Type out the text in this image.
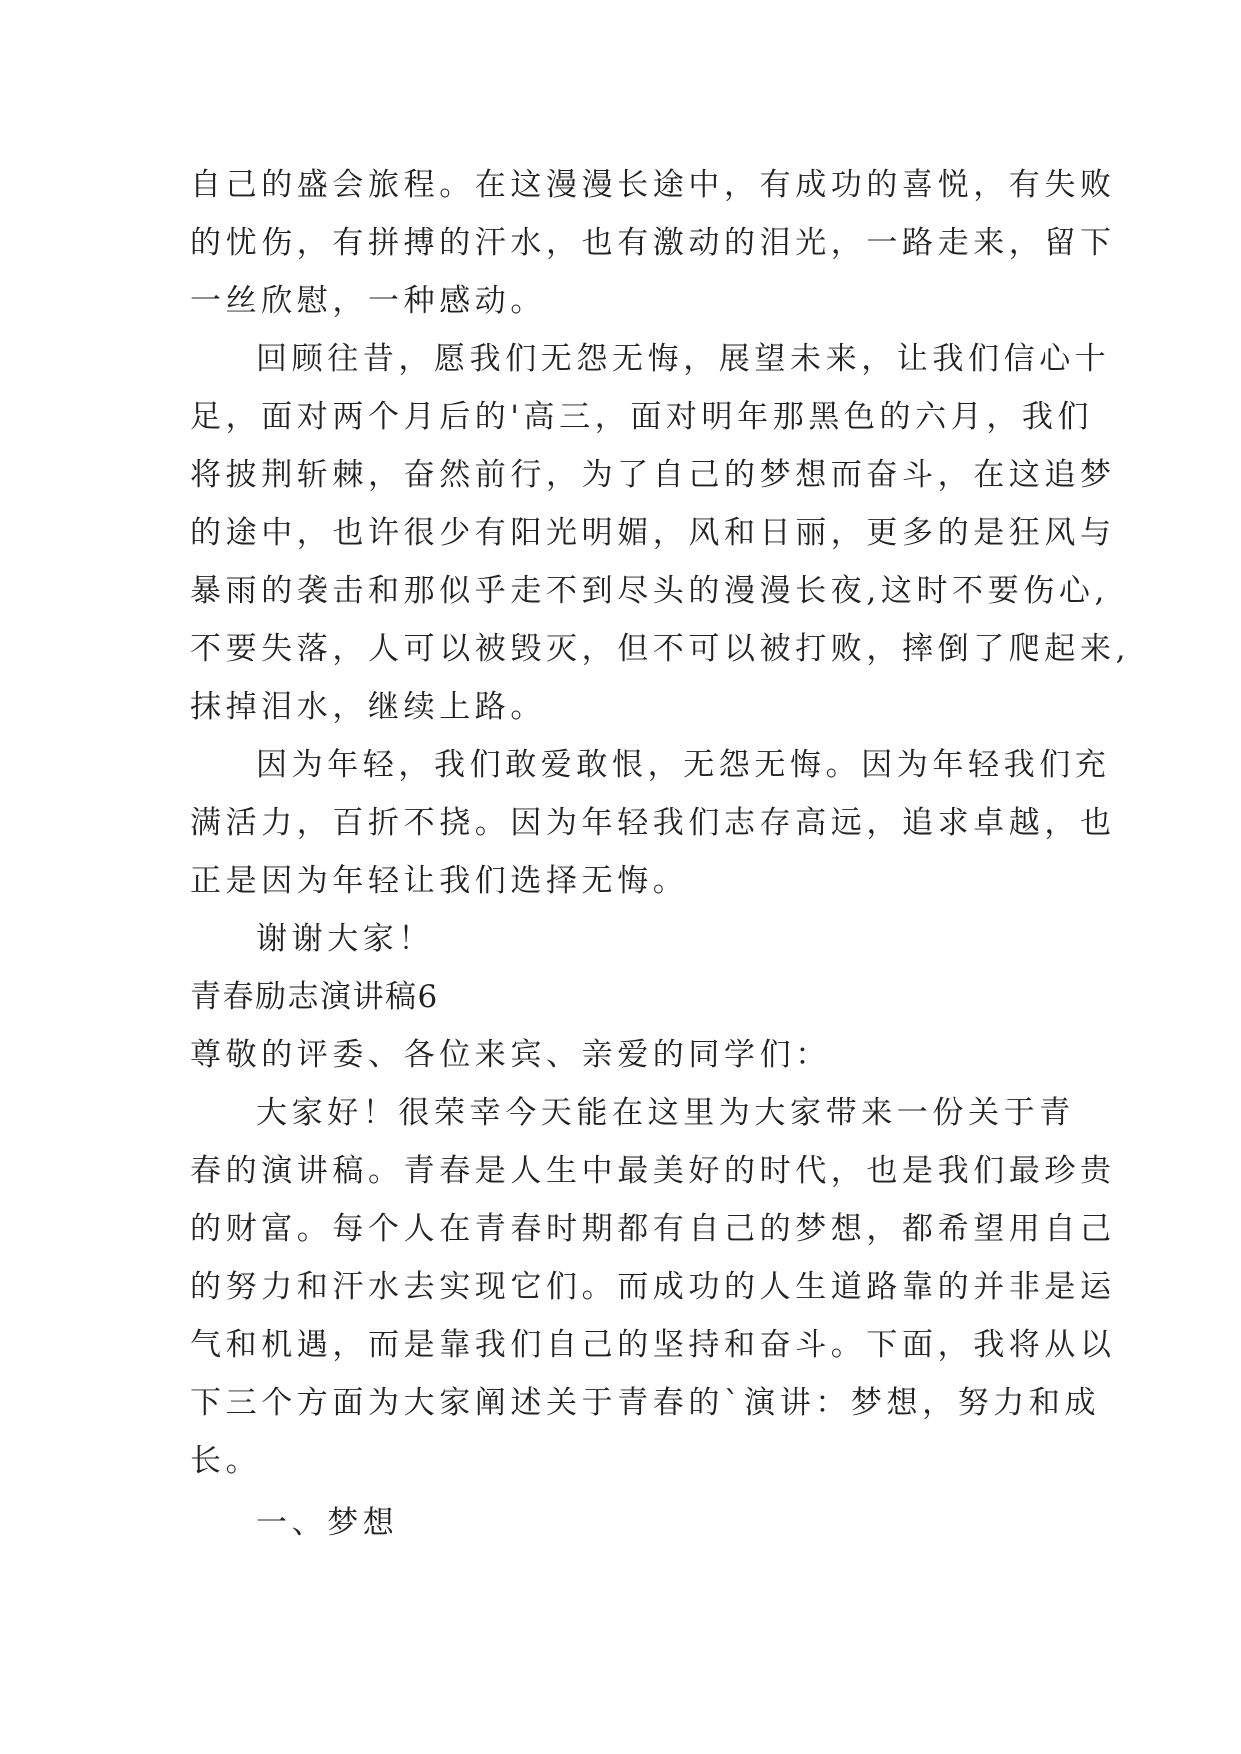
自己的盛会旅程。在这漫漫长途中，有成功的喜悦，有失败
的忧伤，有拼搏的汗水，也有激动的泪光，一路走来，留下
一丝欣慰，一种感动。
回顾往昔，愿我们无怨无悔，展望未来，让我们信心十
足，面对两个月后的'高三，面对明年那黑色的六月，我们
将披荆斩棘，奋然前行，为了自己的梦想而奋斗，在这追梦
的途中，也许很少有阳光明媚，风和日丽，更多的是狂风与
暴雨的袭击和那似乎走不到尽头的漫漫长夜,这时不要伤心,
不要失落，人可以被毁灭，但不可以被打败，摔倒了爬起来,
抹掉泪水，继续上路。
因为年轻，我们敢爱敢恨，无怨无悔。因为年轻我们充
满活力，百折不挠。因为年轻我们志存高远，追求卓越，也
正是因为年轻让我们选择无悔。
谢谢大家！
青春励志演讲稿6
尊敬的评委、各位来宾、亲爱的同学们：
大家好！很荣幸今天能在这里为大家带来一份关于青
春的演讲稿。青春是人生中最美好的时代，也是我们最珍贵
的财富。每个人在青春时期都有自己的梦想，都希望用自己
的努力和汗水去实现它们。而成功的人生道路靠的并非是运
气和机遇，而是靠我们自己的坚持和奋斗。下面，我将从以
下三个方面为大家阐述关于青春的`演讲：梦想，努力和成
长。
一、梦想
